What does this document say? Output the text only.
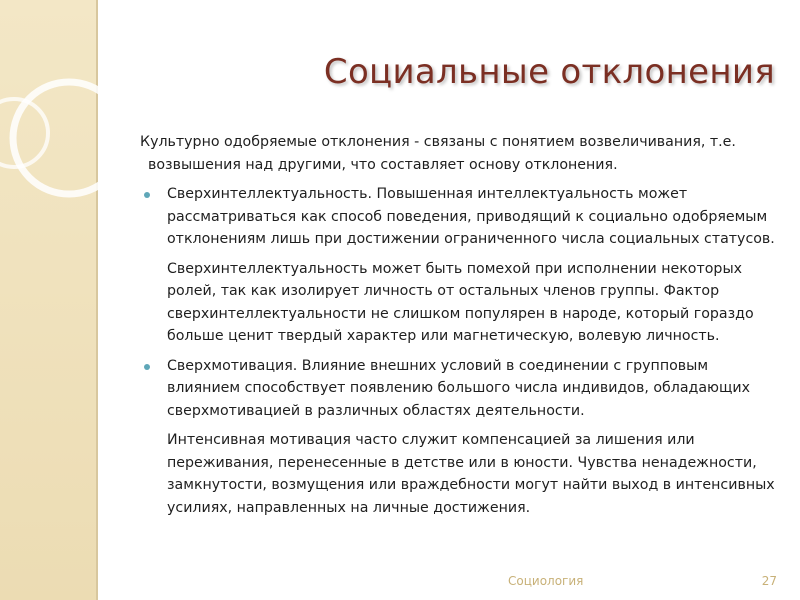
Социальные отклонения

Культурно одобряемые отклонения - связаны с понятием возвеличивания, т.е. возвышения над другими, что составляет основу отклонения.

Сверхинтеллектуальность. Повышенная интеллектуальность может рассматриваться как способ поведения, приводящий к социально одобряемым отклонениям лишь при достижении ограниченного числа социальных статусов.

Сверхинтеллектуальность может быть помехой при исполнении некоторых ролей, так как изолирует личность от остальных членов группы. Фактор сверхинтеллектуальности не слишком популярен в народе, который гораздо больше ценит твердый характер или магнетическую, волевую личность.

Сверхмотивация. Влияние внешних условий в соединении с групповым влиянием способствует появлению большого числа индивидов, обладающих сверхмотивацией в различных областях деятельности.

Интенсивная мотивация часто служит компенсацией за лишения или переживания, перенесенные в детстве или в юности. Чувства ненадежности, замкнутости, возмущения или враждебности могут найти выход в интенсивных усилиях, направленных на личные достижения.

Социология	27
